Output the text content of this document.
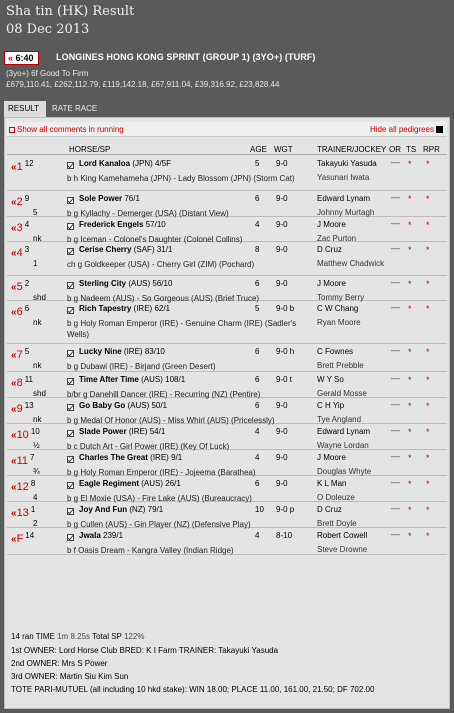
Sha tin (HK) Result
08 Dec 2013
« 6:40	LONGINES HONG KONG SPRINT (GROUP 1) (3YO+) (TURF)
(3yo+) 6f Good To Firm
£679,110.41, £262,112.79, £119,142.18, £67,911.04, £39,316.92, £23,828.44
RESULT	RATE RACE
Show all comments in running	Hide all pedigrees
HORSE/SP	AGE WGT	TRAINER/JOCKEY OR TS RPR
«1 $^{12}$	Lord Kanaloa (JPN) 4/5F
b h King Kamehameha (JPN) - Lady Blossom (JPN) (Storm Cat)
5 9-0	Takayuki Yasuda
Yasunari Iwata
— * *
«2 $^9$
5
Sole Power 76/1
b g Kyllachy - Demerger (USA) (Distant View)
6 9-0	Edward Lynam
Johnny Murtagh
— * *
«3 $^4$
nk
Frederick Engels 57/10
b g Iceman - Colonel's Daughter (Colonel Collins)
4 9-0	J Moore
Zac Purton
— * *
«4 $^3$
1
Cerise Cherry (SAF) 31/1
ch g Goldkeeper (USA) - Cherry Girl (ZIM) (Pochard)
8 9-0	D Cruz
Matthew Chadwick
— * *
«5 $^2$
shd
Sterling City (AUS) 56/10
b g Nadeem (AUS) - So Gorgeous (AUS) (Brief Truce)
6 9-0	J Moore
Tommy Berry
— * *
«6 $^6$
nk
Rich Tapestry (IRE) 62/1
b g Holy Roman Emperor (IRE) - Genuine Charm (IRE) (Sadler's Wells)
5 9-0 b	C W Chang
Ryan Moore
— * *
«7 $^5$
nk
Lucky Nine (IRE) 83/10
b g Dubawi (IRE) - Birjand (Green Desert)
6 9-0 h	C Fownes
Brett Prebble
— * *
«8 $^{11}$
shd
Time After Time (AUS) 108/1
b/br g Danehill Dancer (IRE) - Recurring (NZ) (Pentire)
6 9-0 t	W Y So
Gerald Mosse
— * *
«9 $^{13}$
nk
Go Baby Go (AUS) 50/1
b g Medal Of Honor (AUS) - Miss Whirl (AUS) (Pricelessly)
6 9-0	C H Yip
Tye Angland
— * *
«10 $^{10}$
½
Slade Power (IRE) 54/1
b c Dutch Art - Girl Power (IRE) (Key Of Luck)
4 9-0	Edward Lynam
Wayne Lordan
— * *
«11 $^7$
¾
Charles The Great (IRE) 9/1
b g Holy Roman Emperor (IRE) - Jojeema (Barathea)
4 9-0	J Moore
Douglas Whyte
— * *
«12 $^8$
4
Eagle Regiment (AUS) 26/1
b g El Moxie (USA) - Fire Lake (AUS) (Bureaucracy)
6 9-0	K L Man
O Doleuze
— * *
«13 $^1$
2
Joy And Fun (NZ) 79/1
b g Cullen (AUS) - Gin Player (NZ) (Defensive Play)
10 9-0 p	D Cruz
Brett Doyle
— * *
«F $^{14}$	Jwala 239/1
b f Oasis Dream - Kangra Valley (Indian Ridge)
4 8-10	Robert Cowell
Steve Drowne
— * *
14 ran TIME 1m 8.25s Total SP 122%
1st OWNER: Lord Horse Club BRED: K I Farm TRAINER: Takayuki Yasuda
2nd OWNER: Mrs S Power
3rd OWNER: Martin Siu Kim Sun
TOTE PARI-MUTUEL (all including 10 hkd stake): WIN 18.00; PLACE 11.00, 161.00, 21.50; DF 702.00
